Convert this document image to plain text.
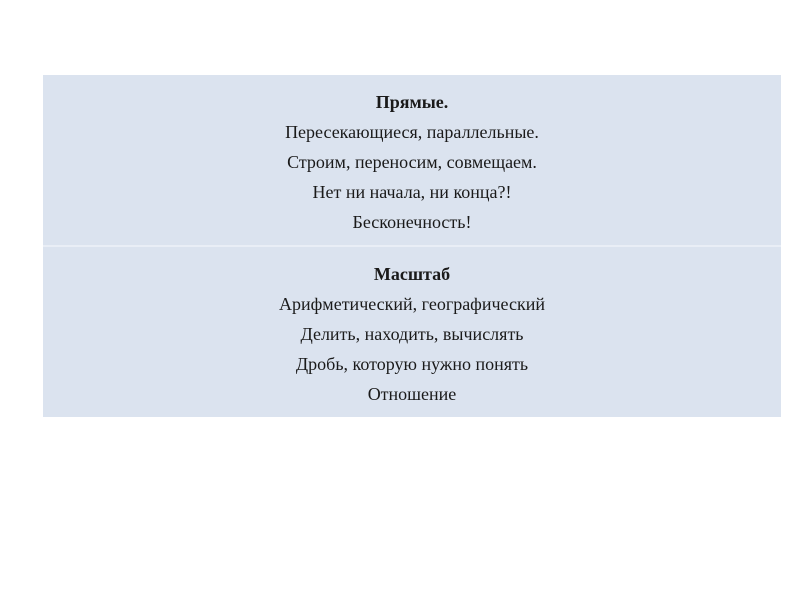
Прямые.
Пересекающиеся, параллельные.
Строим, переносим, совмещаем.
Нет ни начала, ни конца?!
Бесконечность!
Масштаб
Арифметический, географический
Делить, находить, вычислять
Дробь, которую нужно понять
Отношение
